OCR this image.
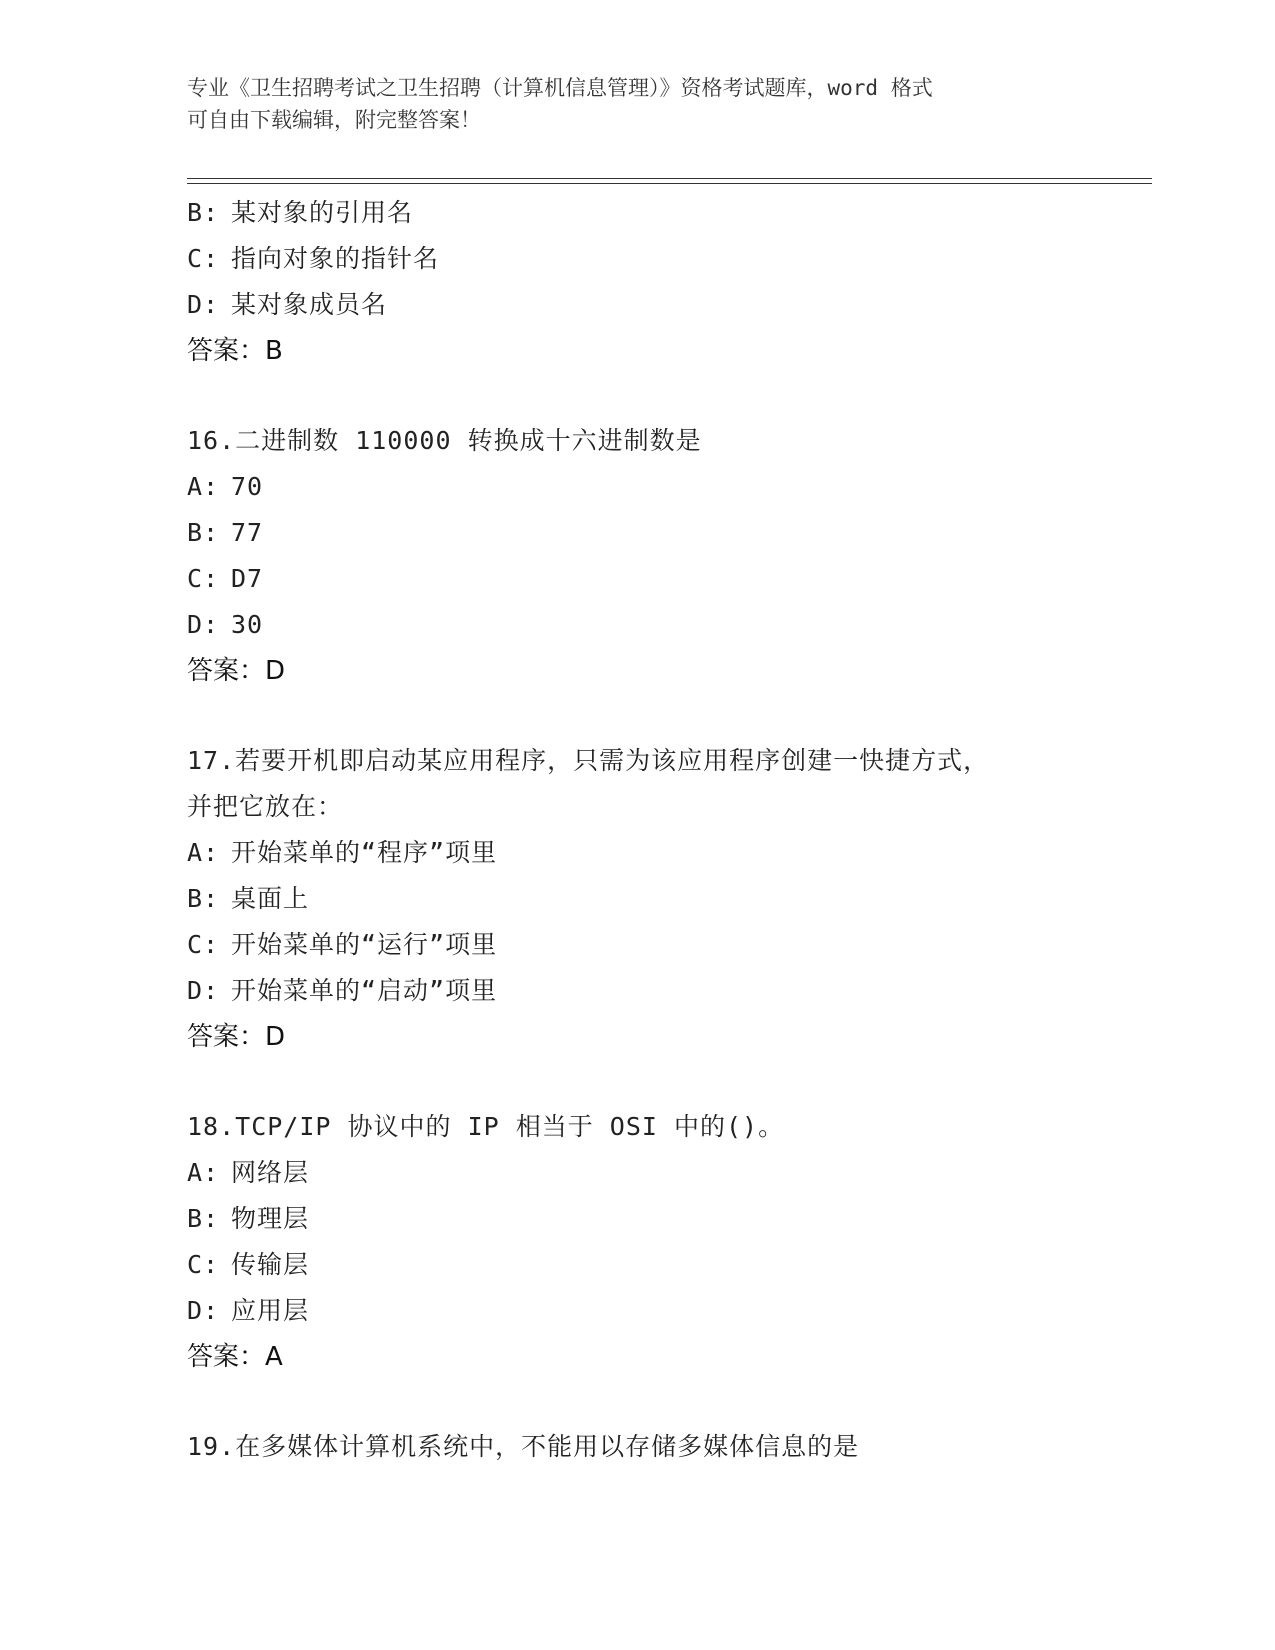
专业《卫生招聘考试之卫生招聘（计算机信息管理）》资格考试题库，word 格式
可自由下载编辑，附完整答案！
B: 某对象的引用名
C: 指向对象的指针名
D: 某对象成员名
答案：B
16.二进制数 110000 转换成十六进制数是
A: 70
B: 77
C: D7
D: 30
答案：D
17.若要开机即启动某应用程序，只需为该应用程序创建一快捷方式，
并把它放在：
A: 开始菜单的“程序”项里
B: 桌面上
C: 开始菜单的“运行”项里
D: 开始菜单的“启动”项里
答案：D
18.TCP/IP 协议中的 IP 相当于 OSI 中的()。
A: 网络层
B: 物理层
C: 传输层
D: 应用层
答案：A
19.在多媒体计算机系统中，不能用以存储多媒体信息的是
